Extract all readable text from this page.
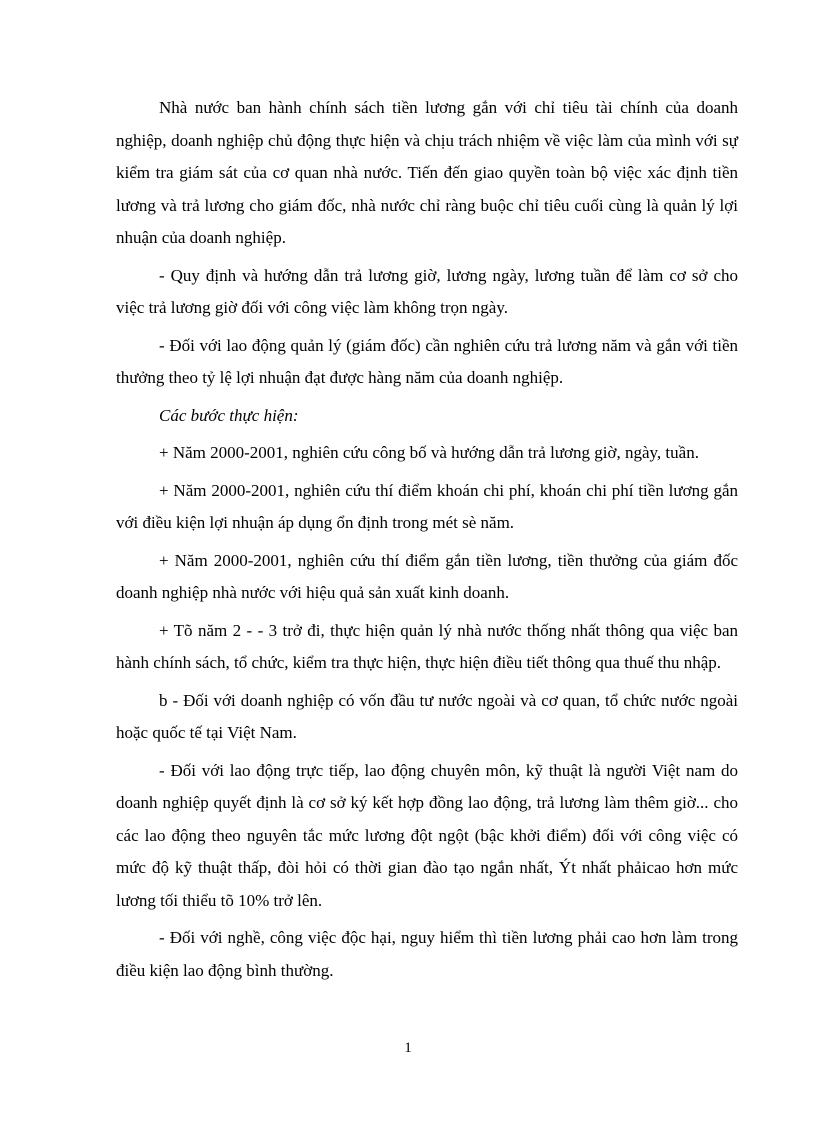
Nhà nước ban hành chính sách tiền lương gắn với chỉ tiêu tài chính của doanh nghiệp, doanh nghiệp chủ động thực hiện và chịu trách nhiệm về việc làm của mình với sự kiểm tra giám sát của cơ quan nhà nước. Tiến đến giao quyền toàn bộ việc xác định tiền lương và trả lương cho giám đốc, nhà nước chỉ ràng buộc chỉ tiêu cuối cùng là quản lý lợi nhuận của doanh nghiệp.

- Quy định và hướng dẫn trả lương giờ, lương ngày, lương tuần để làm cơ sở cho việc trả lương giờ đối với công việc làm không trọn ngày.

- Đối với lao động quản lý (giám đốc) cần nghiên cứu trả lương năm và gắn với tiền thưởng theo tỷ lệ lợi nhuận đạt được hàng năm của doanh nghiệp.

Các bước thực hiện:

+ Năm 2000-2001, nghiên cứu công bố và hướng dẫn trả lương giờ, ngày, tuần.

+ Năm 2000-2001, nghiên cứu thí điểm khoán chi phí, khoán chi phí tiền lương gắn với điều kiện lợi nhuận áp dụng ổn định trong mét sè năm.

+ Năm 2000-2001, nghiên cứu thí điểm gắn tiền lương, tiền thưởng của giám đốc doanh nghiệp nhà nước với hiệu quả sản xuất kinh doanh.

+ Tõ năm 2 - - 3 trở đi, thực hiện quản lý nhà nước thống nhất thông qua việc ban hành chính sách, tổ chức, kiểm tra thực hiện, thực hiện điều tiết thông qua thuế thu nhập.

b - Đối với doanh nghiệp có vốn đầu tư nước ngoài và cơ quan, tổ chức nước ngoài hoặc quốc tế tại Việt Nam.

- Đối với lao động trực tiếp, lao động chuyên môn, kỹ thuật là người Việt nam do doanh nghiệp quyết định là cơ sở ký kết hợp đồng lao động, trả lương làm thêm giờ... cho các lao động theo nguyên tắc mức lương đột ngột (bậc khởi điểm) đối với công việc có mức độ kỹ thuật thấp, đòi hỏi có thời gian đào tạo ngắn nhất, Ýt nhất phảicao hơn mức lương tối thiểu tõ 10% trở lên.

- Đối với nghề, công việc độc hại, nguy hiểm thì tiền lương phải cao hơn làm trong điều kiện lao động bình thường.

1
